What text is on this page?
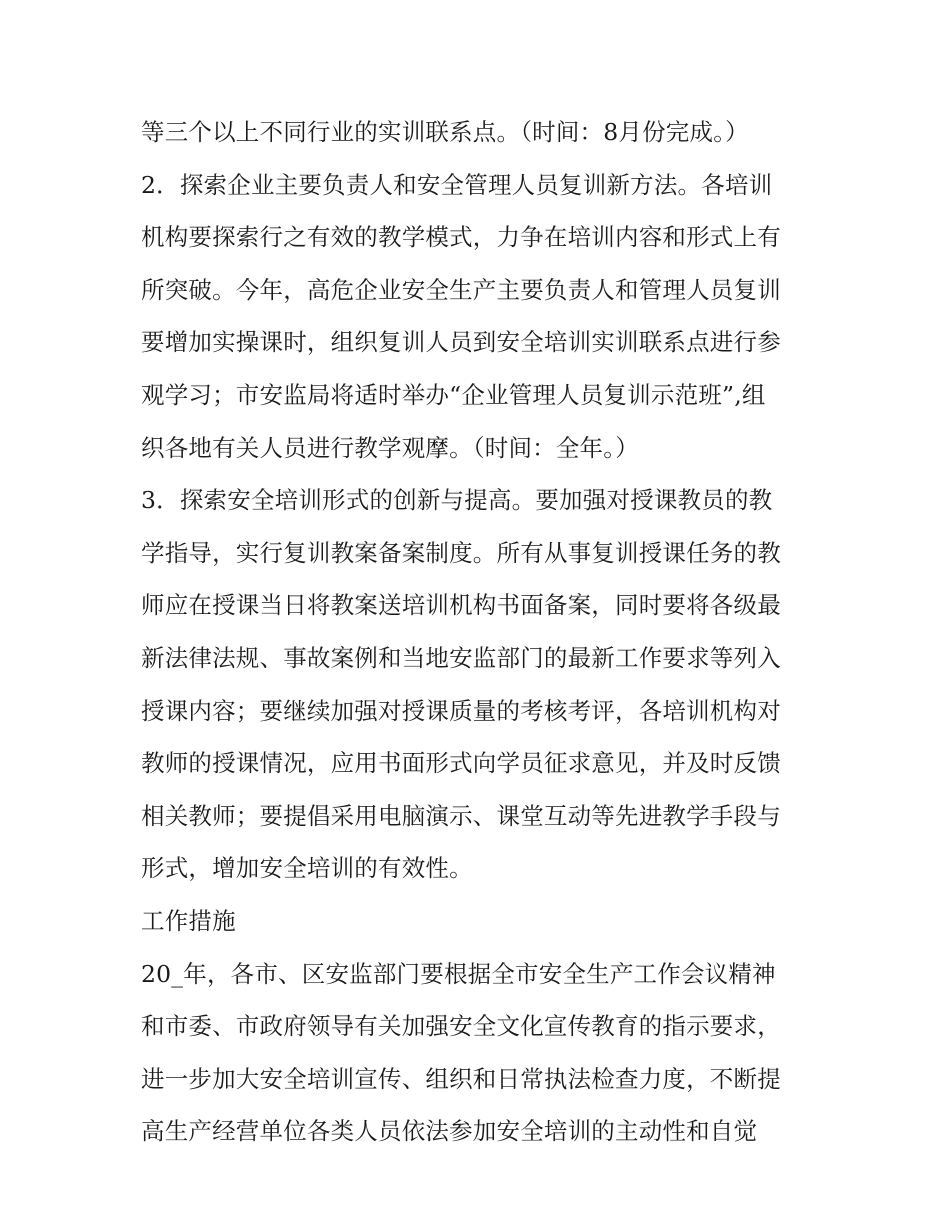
等三个以上不同行业的实训联系点。（时间：8月份完成。）
2．探索企业主要负责人和安全管理人员复训新方法。各培训
机构要探索行之有效的教学模式，力争在培训内容和形式上有
所突破。今年，高危企业安全生产主要负责人和管理人员复训
要增加实操课时，组织复训人员到安全培训实训联系点进行参
观学习；市安监局将适时举办“企业管理人员复训示范班”,组
织各地有关人员进行教学观摩。（时间：全年。）
3．探索安全培训形式的创新与提高。要加强对授课教员的教
学指导，实行复训教案备案制度。所有从事复训授课任务的教
师应在授课当日将教案送培训机构书面备案，同时要将各级最
新法律法规、事故案例和当地安监部门的最新工作要求等列入
授课内容；要继续加强对授课质量的考核考评，各培训机构对
教师的授课情况，应用书面形式向学员征求意见，并及时反馈
相关教师；要提倡采用电脑演示、课堂互动等先进教学手段与
形式，增加安全培训的有效性。
工作措施
20_年，各市、区安监部门要根据全市安全生产工作会议精神
和市委、市政府领导有关加强安全文化宣传教育的指示要求，
进一步加大安全培训宣传、组织和日常执法检查力度，不断提
高生产经营单位各类人员依法参加安全培训的主动性和自觉
